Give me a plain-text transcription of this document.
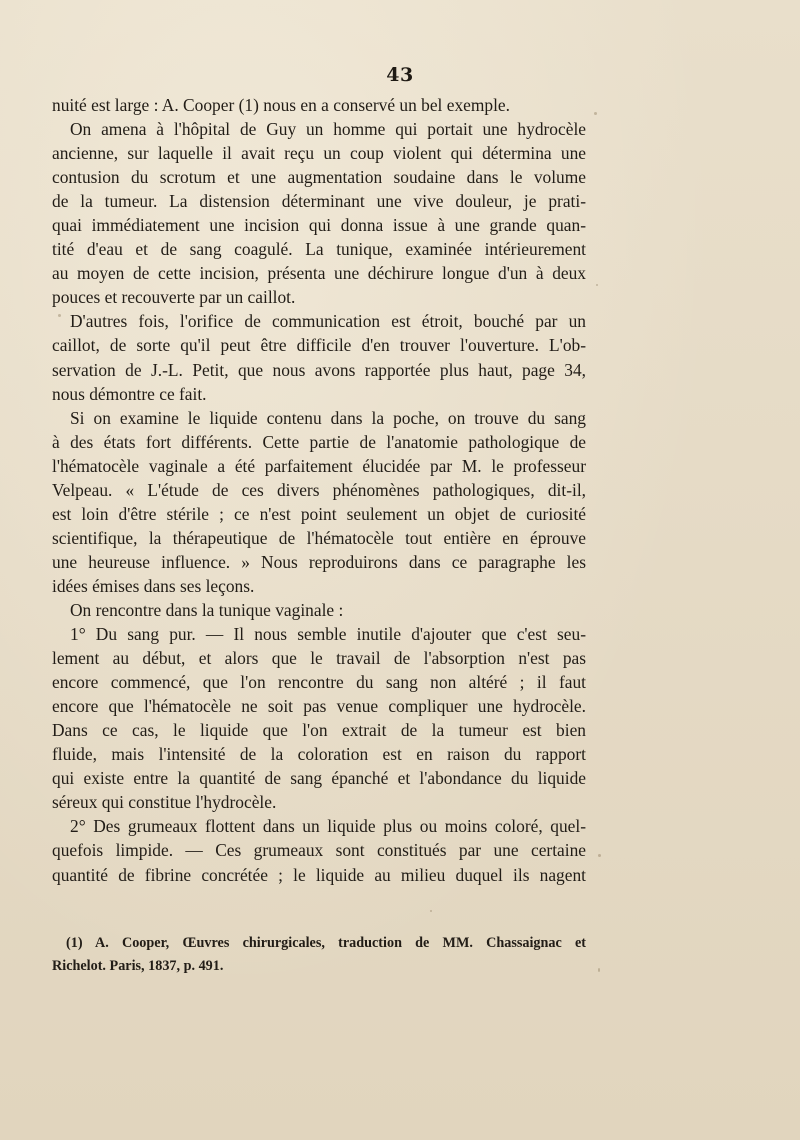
43
nuité est large : A. Cooper (1) nous en a conservé un bel exemple.
On amena à l'hôpital de Guy un homme qui portait une hydrocèle
ancienne, sur laquelle il avait reçu un coup violent qui détermina une
contusion du scrotum et une augmentation soudaine dans le volume
de la tumeur. La distension déterminant une vive douleur, je prati-
quai immédiatement une incision qui donna issue à une grande quan-
tité d'eau et de sang coagulé. La tunique, examinée intérieurement
au moyen de cette incision, présenta une déchirure longue d'un à deux
pouces et recouverte par un caillot.
D'autres fois, l'orifice de communication est étroit, bouché par un
caillot, de sorte qu'il peut être difficile d'en trouver l'ouverture. L'ob-
servation de J.-L. Petit, que nous avons rapportée plus haut, page 34,
nous démontre ce fait.
Si on examine le liquide contenu dans la poche, on trouve du sang
à des états fort différents. Cette partie de l'anatomie pathologique de
l'hématocèle vaginale a été parfaitement élucidée par M. le professeur
Velpeau. « L'étude de ces divers phénomènes pathologiques, dit-il,
est loin d'être stérile ; ce n'est point seulement un objet de curiosité
scientifique, la thérapeutique de l'hématocèle tout entière en éprouve
une heureuse influence. » Nous reproduirons dans ce paragraphe les
idées émises dans ses leçons.
On rencontre dans la tunique vaginale :
1° Du sang pur. — Il nous semble inutile d'ajouter que c'est seu-
lement au début, et alors que le travail de l'absorption n'est pas
encore commencé, que l'on rencontre du sang non altéré ; il faut
encore que l'hématocèle ne soit pas venue compliquer une hydrocèle.
Dans ce cas, le liquide que l'on extrait de la tumeur est bien
fluide, mais l'intensité de la coloration est en raison du rapport
qui existe entre la quantité de sang épanché et l'abondance du liquide
séreux qui constitue l'hydrocèle.
2° Des grumeaux flottent dans un liquide plus ou moins coloré, quel-
quefois limpide. — Ces grumeaux sont constitués par une certaine
quantité de fibrine concrétée ; le liquide au milieu duquel ils nagent
(1) A. Cooper, Œuvres chirurgicales, traduction de MM. Chassaignac et
Richelot. Paris, 1837, p. 491.
